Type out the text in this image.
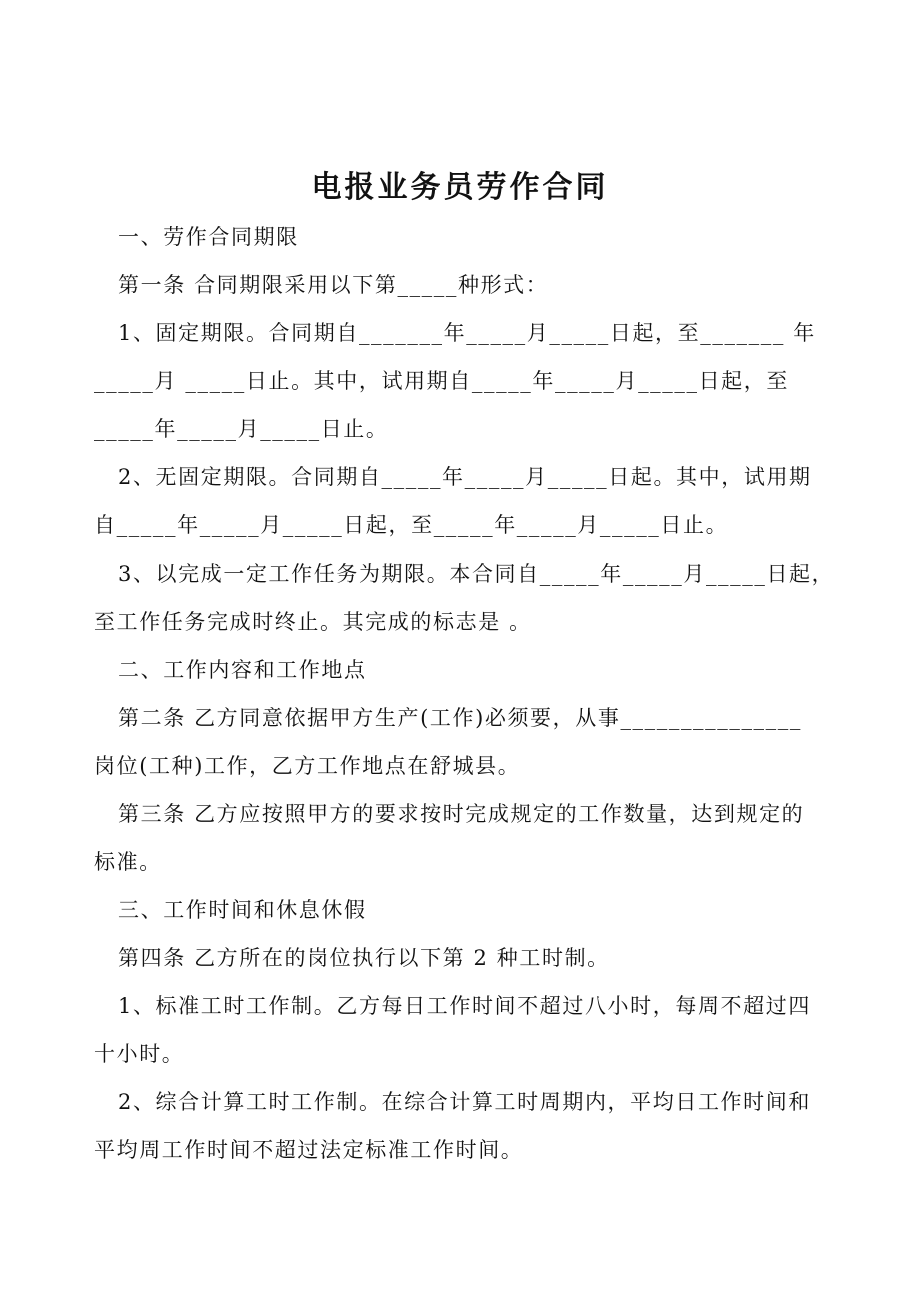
电报业务员劳作合同
一、劳作合同期限
第一条 合同期限采用以下第_____种形式：
1、固定期限。合同期自_______年_____月_____日起，至_______ 年
_____月 _____日止。其中，试用期自_____年_____月_____日起，至
_____年_____月_____日止。
2、无固定期限。合同期自_____年_____月_____日起。其中，试用期
自_____年_____月_____日起，至_____年_____月_____日止。
3、以完成一定工作任务为期限。本合同自_____年_____月_____日起，
至工作任务完成时终止。其完成的标志是 。
二、工作内容和工作地点
第二条 乙方同意依据甲方生产(工作)必须要，从事_______________
岗位(工种)工作，乙方工作地点在舒城县。
第三条 乙方应按照甲方的要求按时完成规定的工作数量，达到规定的
标准。
三、工作时间和休息休假
第四条 乙方所在的岗位执行以下第 2 种工时制。
1、标准工时工作制。乙方每日工作时间不超过八小时，每周不超过四
十小时。
2、综合计算工时工作制。在综合计算工时周期内，平均日工作时间和
平均周工作时间不超过法定标准工作时间。
